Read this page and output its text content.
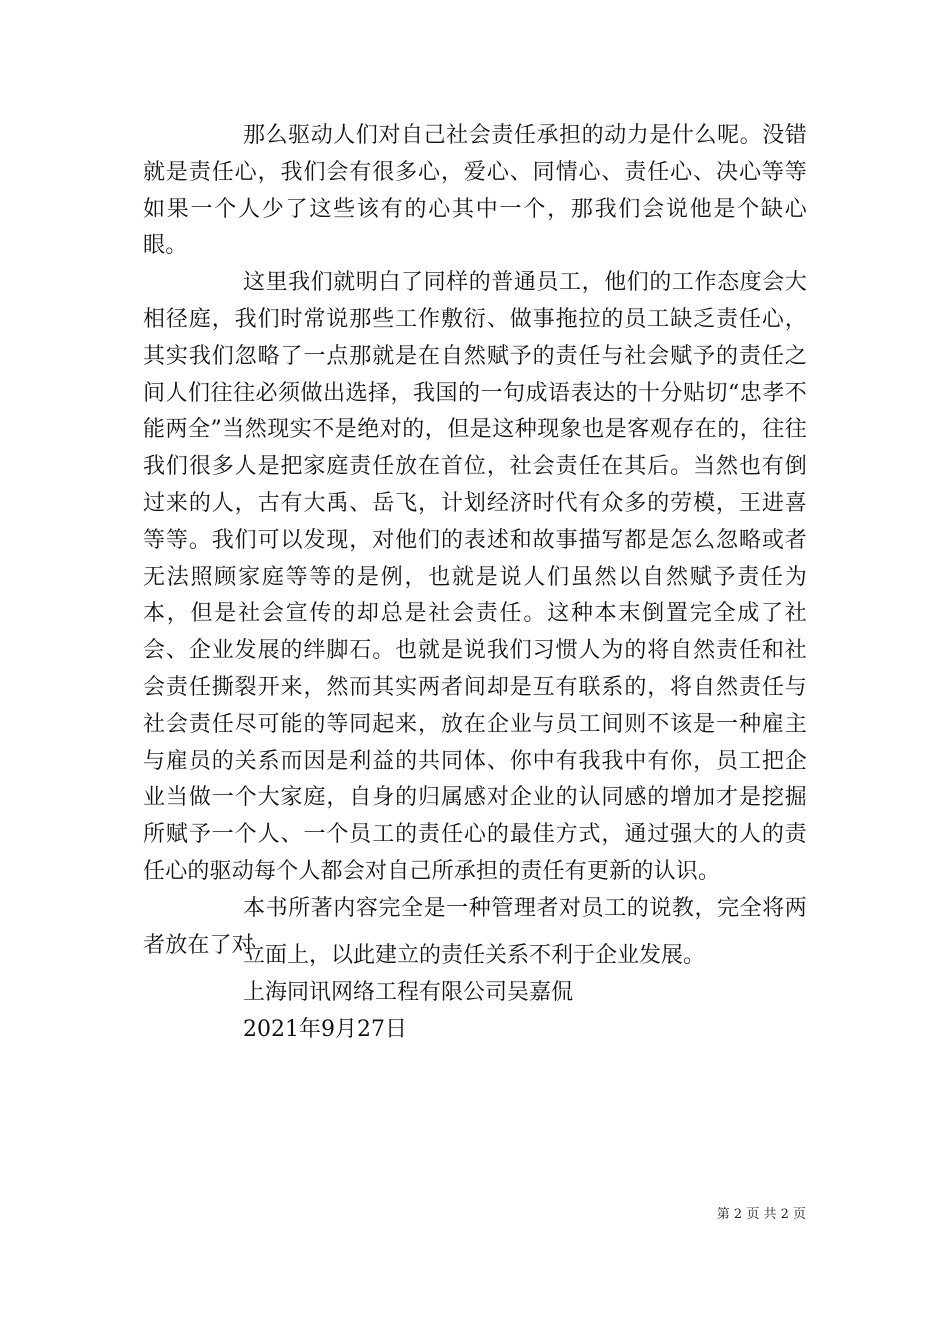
那么驱动人们对自己社会责任承担的动力是什么呢。没错就是责任心，我们会有很多心，爱心、同情心、责任心、决心等等如果一个人少了这些该有的心其中一个，那我们会说他是个缺心眼。

这里我们就明白了同样的普通员工，他们的工作态度会大相径庭，我们时常说那些工作敷衍、做事拖拉的员工缺乏责任心，其实我们忽略了一点那就是在自然赋予的责任与社会赋予的责任之间人们往往必须做出选择，我国的一句成语表达的十分贴切“忠孝不能两全”当然现实不是绝对的，但是这种现象也是客观存在的，往往我们很多人是把家庭责任放在首位，社会责任在其后。当然也有倒过来的人，古有大禹、岳飞，计划经济时代有众多的劳模，王进喜等等。我们可以发现，对他们的表述和故事描写都是怎么忽略或者无法照顾家庭等等的是例，也就是说人们虽然以自然赋予责任为本，但是社会宣传的却总是社会责任。这种本末倒置完全成了社会、企业发展的绊脚石。也就是说我们习惯人为的将自然责任和社会责任撕裂开来，然而其实两者间却是互有联系的，将自然责任与社会责任尽可能的等同起来，放在企业与员工间则不该是一种雇主与雇员的关系而因是利益的共同体、你中有我我中有你，员工把企业当做一个大家庭，自身的归属感对企业的认同感的增加才是挖掘所赋予一个人、一个员工的责任心的最佳方式，通过强大的人的责任心的驱动每个人都会对自己所承担的责任有更新的认识。

本书所著内容完全是一种管理者对员工的说教，完全将两者放在了对

立面上，以此建立的责任关系不利于企业发展。

上海同讯网络工程有限公司吴嘉侃

2021年9月27日

第 2 页 共 2 页
